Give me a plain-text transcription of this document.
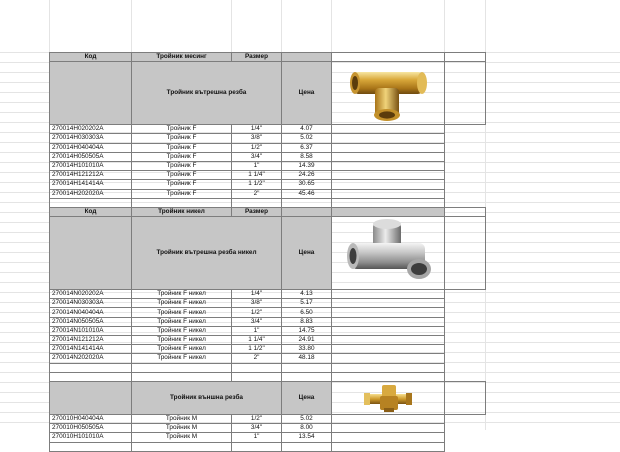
Код	Тройник месинг	Размер			
	Тройник вътрешна резба		Цена	

270014H020202A	Тройник F	1/4"	4.07		
270014H030303A	Тройник F	3/8"	5.02		
270014H040404A	Тройник F	1/2"	6.37		
270014H050505A	Тройник F	3/4"	8.58		
270014H101010A	Тройник F	1"	14.39		
270014H121212A	Тройник F	1 1/4"	24.26		
270014H141414A	Тройник F	1 1/2"	30.65		
270014H202020A	Тройник F	2"	45.46		

Код	Тройник никел	Размер			
	Тройник вътрешна резба никел		Цена	

270014N020202A	Тройник F никел	1/4"	4.13		
270014N030303A	Тройник F никел	3/8"	5.17		
270014N040404A	Тройник F никел	1/2"	6.50		
270014N050505A	Тройник F никел	3/4"	8.83		
270014N101010A	Тройник F никел	1"	14.75		
270014N121212A	Тройник F никел	1 1/4"	24.91		
270014N141414A	Тройник F никел	1 1/2"	33.80		
270014N202020A	Тройник F никел	2"	48.18		

	Тройник външна резба		Цена	

270010H040404A	Тройник M	1/2"	5.02		
270010H050505A	Тройник M	3/4"	8.00		
270010H101010A	Тройник M	1"	13.54		
